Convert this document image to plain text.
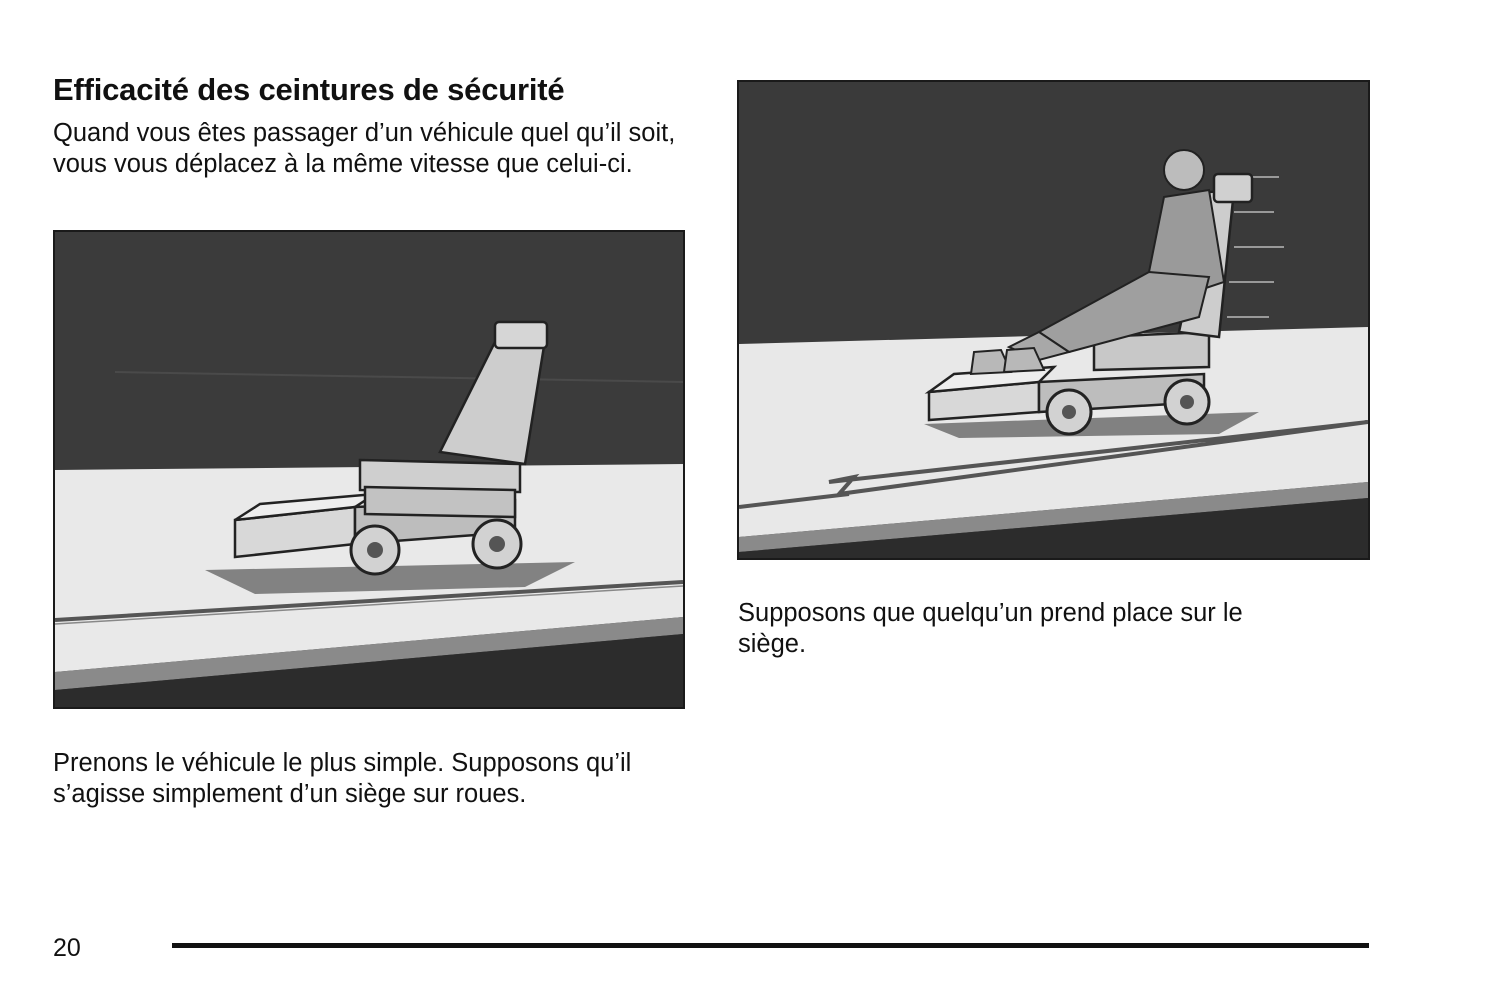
Efficacité des ceintures de sécurité

Quand vous êtes passager d’un véhicule quel qu’il soit, vous vous déplacez à la même vitesse que celui-ci.

Prenons le véhicule le plus simple. Supposons qu’il s’agisse simplement d’un siège sur roues.

Supposons que quelqu’un prend place sur le siège.

20
